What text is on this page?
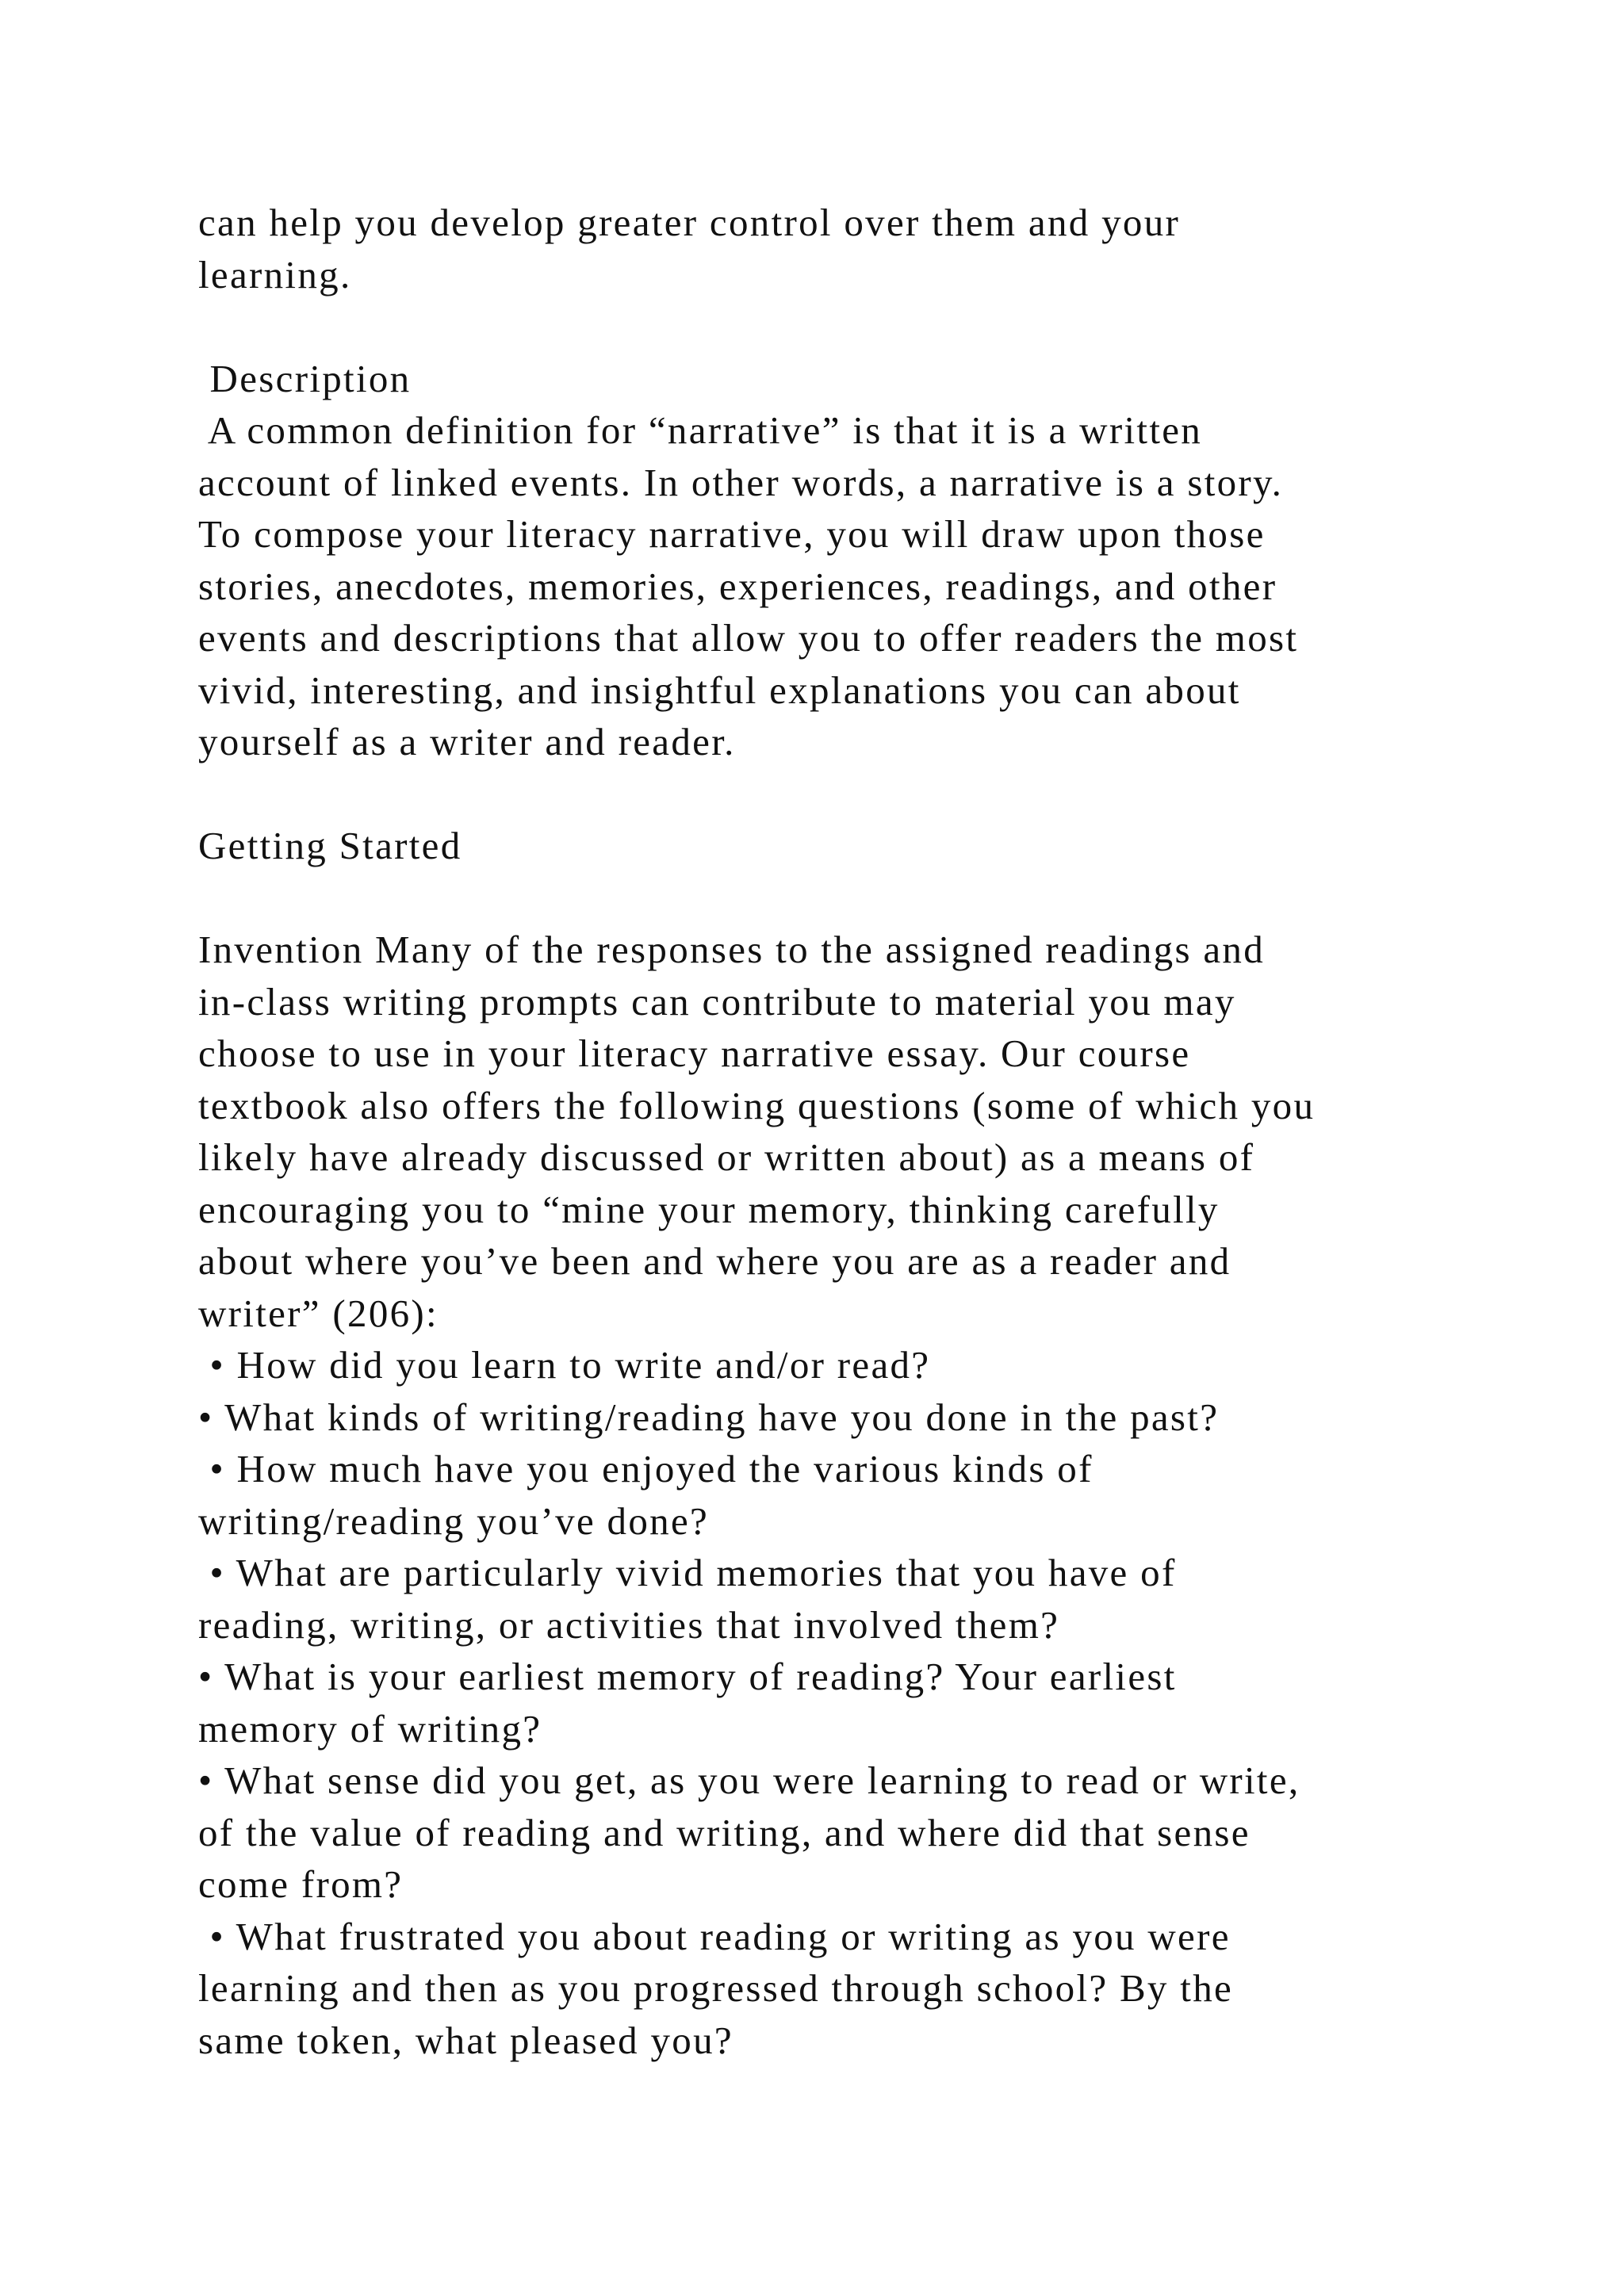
can help you develop greater control over them and your
learning.
Description
A common definition for “narrative” is that it is a written
account of linked events. In other words, a narrative is a story.
To compose your literacy narrative, you will draw upon those
stories, anecdotes, memories, experiences, readings, and other
events and descriptions that allow you to offer readers the most
vivid, interesting, and insightful explanations you can about
yourself as a writer and reader.
Getting Started
Invention Many of the responses to the assigned readings and
in-class writing prompts can contribute to material you may
choose to use in your literacy narrative essay. Our course
textbook also offers the following questions (some of which you
likely have already discussed or written about) as a means of
encouraging you to “mine your memory, thinking carefully
about where you’ve been and where you are as a reader and
writer” (206):
• How did you learn to write and/or read?
• What kinds of writing/reading have you done in the past?
• How much have you enjoyed the various kinds of
writing/reading you’ve done?
• What are particularly vivid memories that you have of
reading, writing, or activities that involved them?
• What is your earliest memory of reading? Your earliest
memory of writing?
• What sense did you get, as you were learning to read or write,
of the value of reading and writing, and where did that sense
come from?
• What frustrated you about reading or writing as you were
learning and then as you progressed through school? By the
same token, what pleased you?
